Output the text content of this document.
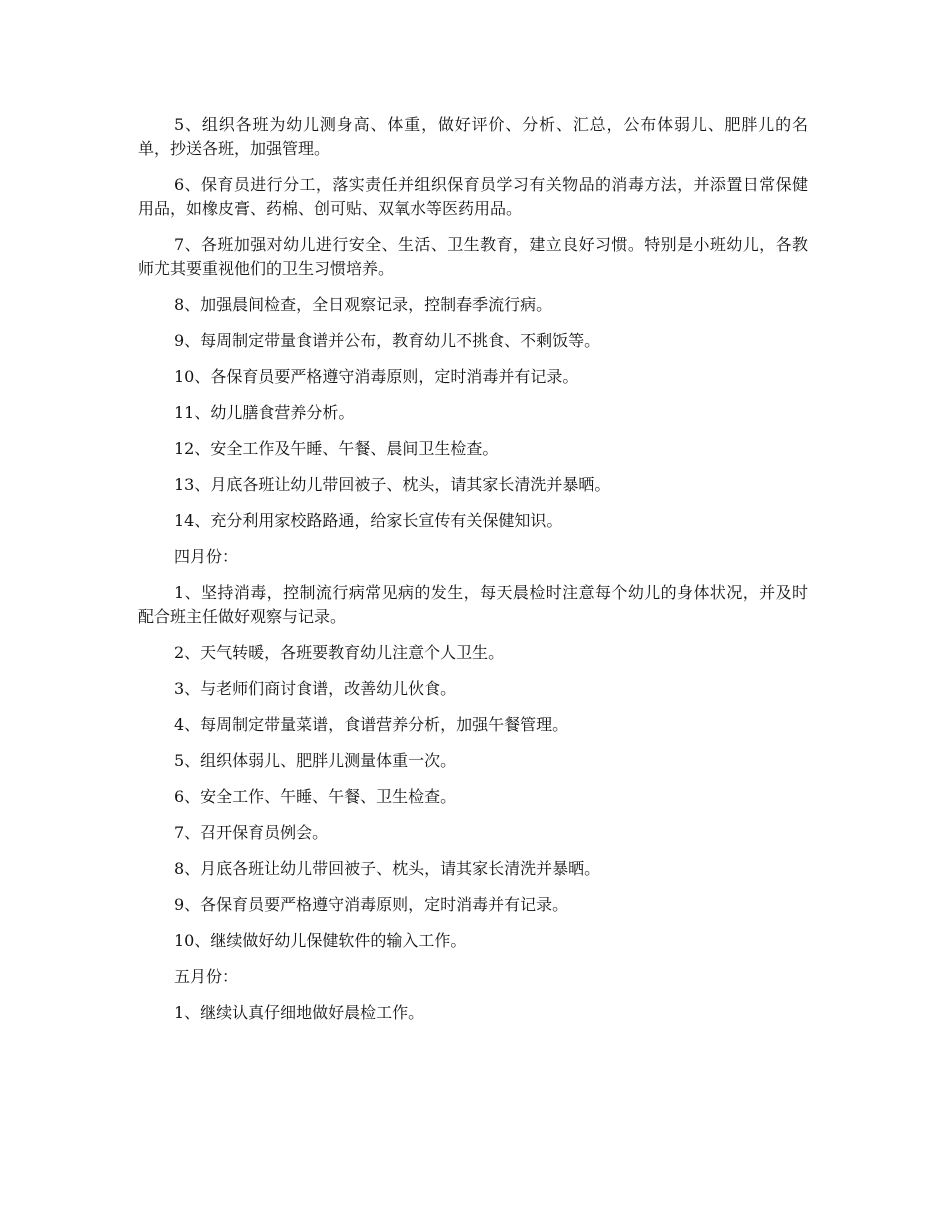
5、组织各班为幼儿测身高、体重，做好评价、分析、汇总，公布体弱儿、肥胖儿的名单，抄送各班，加强管理。

6、保育员进行分工，落实责任并组织保育员学习有关物品的消毒方法，并添置日常保健用品，如橡皮膏、药棉、创可贴、双氧水等医药用品。

7、各班加强对幼儿进行安全、生活、卫生教育，建立良好习惯。特别是小班幼儿，各教师尤其要重视他们的卫生习惯培养。

8、加强晨间检查，全日观察记录，控制春季流行病。

9、每周制定带量食谱并公布，教育幼儿不挑食、不剩饭等。

10、各保育员要严格遵守消毒原则，定时消毒并有记录。

11、幼儿膳食营养分析。

12、安全工作及午睡、午餐、晨间卫生检查。

13、月底各班让幼儿带回被子、枕头，请其家长清洗并暴晒。

14、充分利用家校路路通，给家长宣传有关保健知识。

四月份：

1、坚持消毒，控制流行病常见病的发生，每天晨检时注意每个幼儿的身体状况，并及时配合班主任做好观察与记录。

2、天气转暖，各班要教育幼儿注意个人卫生。

3、与老师们商讨食谱，改善幼儿伙食。

4、每周制定带量菜谱，食谱营养分析，加强午餐管理。

5、组织体弱儿、肥胖儿测量体重一次。

6、安全工作、午睡、午餐、卫生检查。

7、召开保育员例会。

8、月底各班让幼儿带回被子、枕头，请其家长清洗并暴晒。

9、各保育员要严格遵守消毒原则，定时消毒并有记录。

10、继续做好幼儿保健软件的输入工作。

五月份：

1、继续认真仔细地做好晨检工作。
